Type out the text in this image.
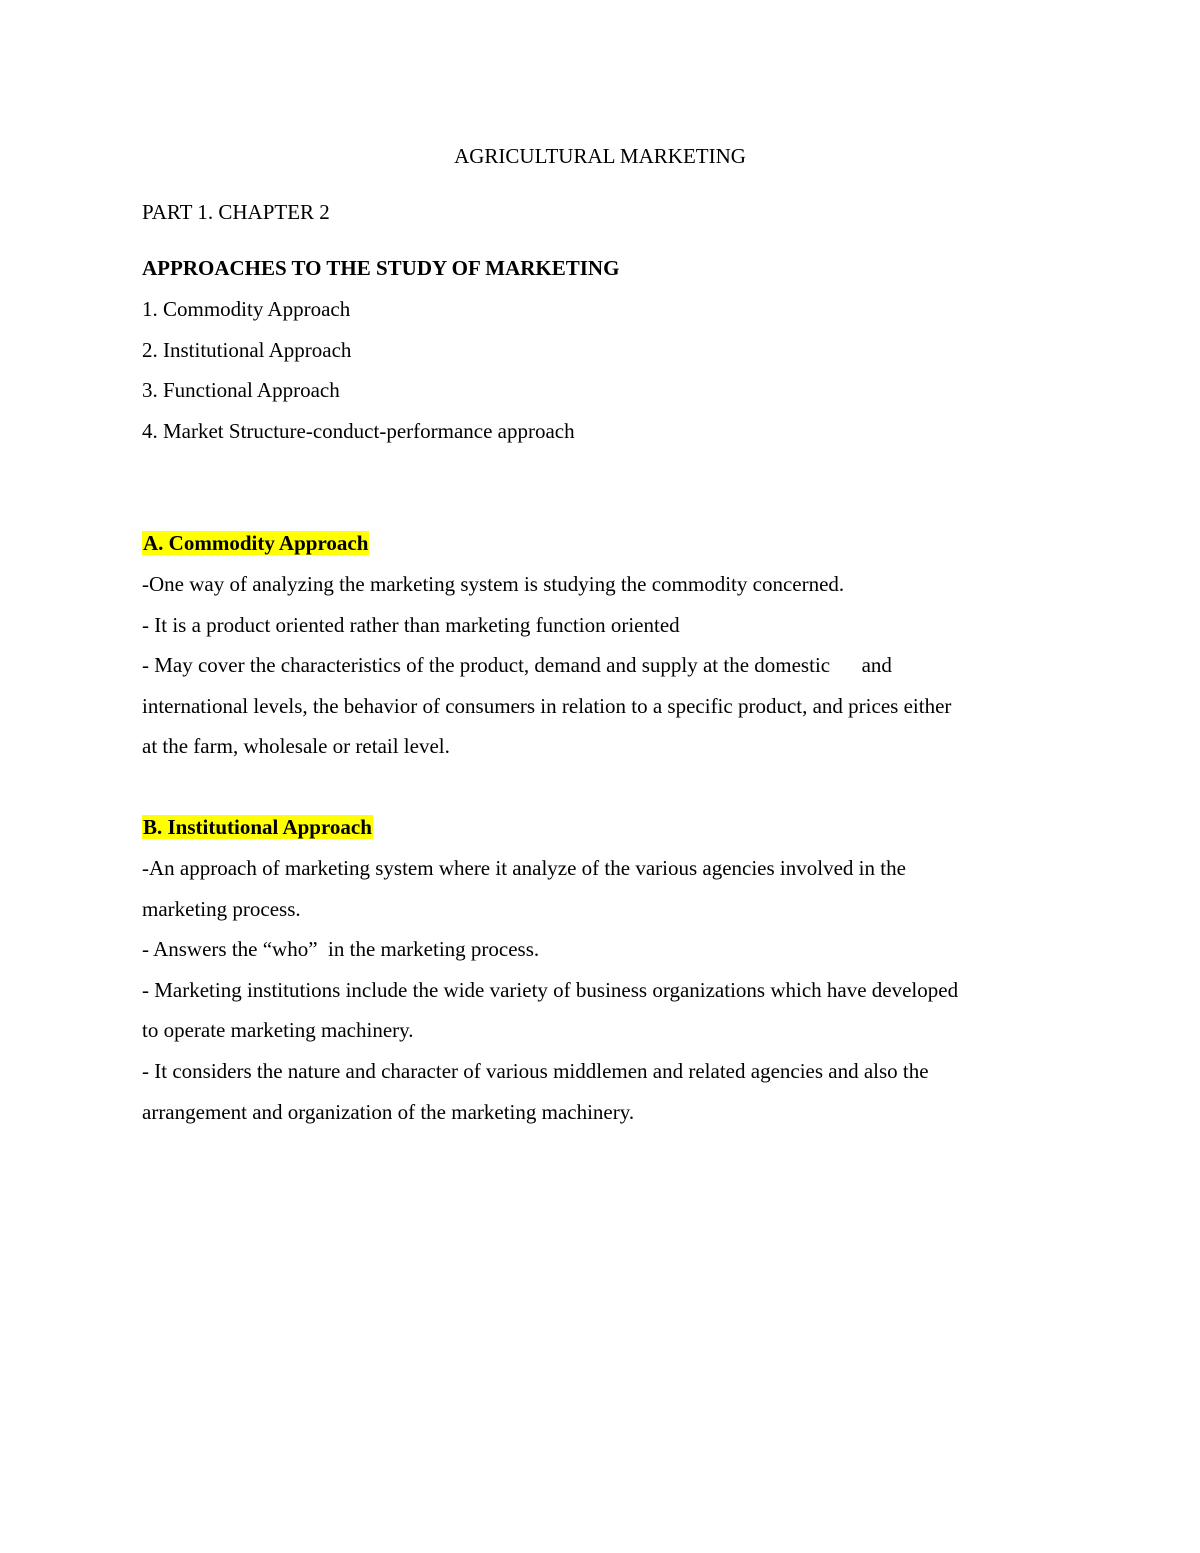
AGRICULTURAL MARKETING

PART 1. CHAPTER 2

APPROACHES TO THE STUDY OF MARKETING

1. Commodity Approach

2. Institutional Approach

3. Functional Approach

4. Market Structure-conduct-performance approach

A. Commodity Approach

-One way of analyzing the marketing system is studying the commodity concerned.

- It is a product oriented rather than marketing function oriented

- May cover the characteristics of the product, demand and supply at the domestic      and

international levels, the behavior of consumers in relation to a specific product, and prices either

at the farm, wholesale or retail level.

B. Institutional Approach

-An approach of marketing system where it analyze of the various agencies involved in the

marketing process.

- Answers the “who”  in the marketing process.

- Marketing institutions include the wide variety of business organizations which have developed

to operate marketing machinery.

- It considers the nature and character of various middlemen and related agencies and also the

arrangement and organization of the marketing machinery.
